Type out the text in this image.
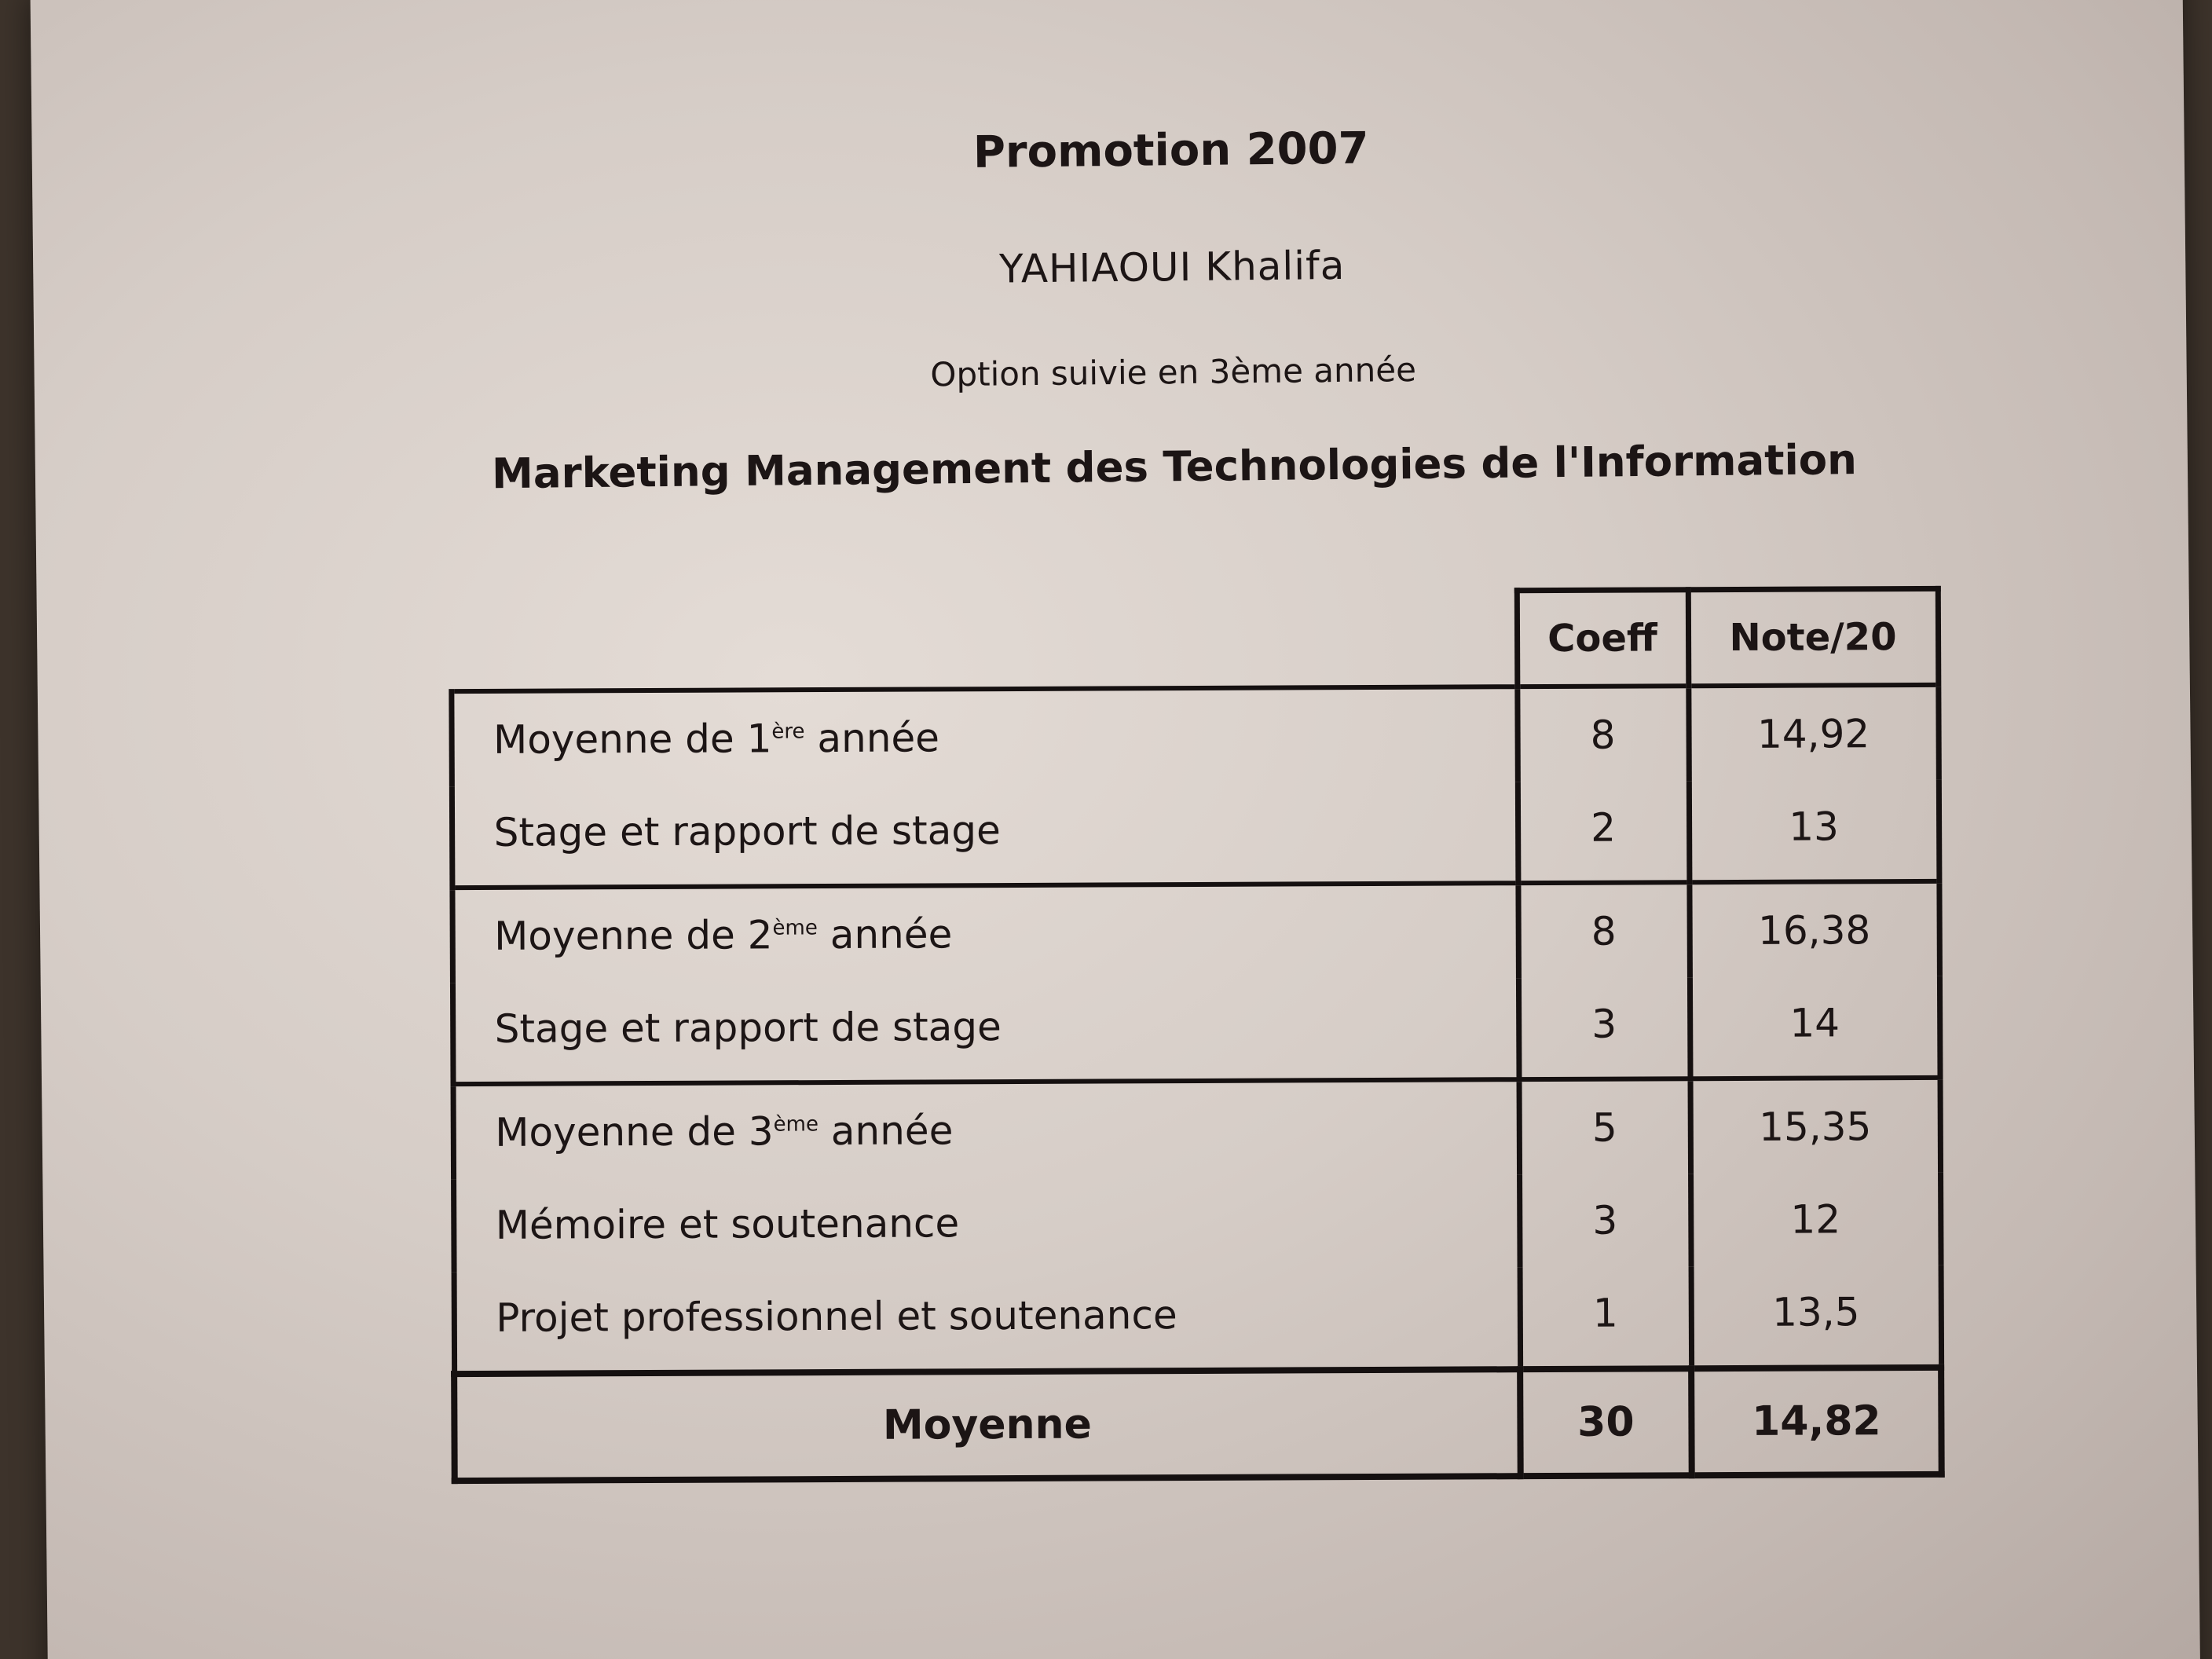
Promotion 2007
YAHIAOUI Khalifa
Option suivie en 3ème année
Marketing Management des Technologies de l'Information
	Coeff	Note/20
Moyenne de 1ère année	8	14,92
Stage et rapport de stage	2	13
Moyenne de 2ème année	8	16,38
Stage et rapport de stage	3	14
Moyenne de 3ème année	5	15,35
Mémoire et soutenance	3	12
Projet professionnel et soutenance	1	13,5
Moyenne	30	14,82
